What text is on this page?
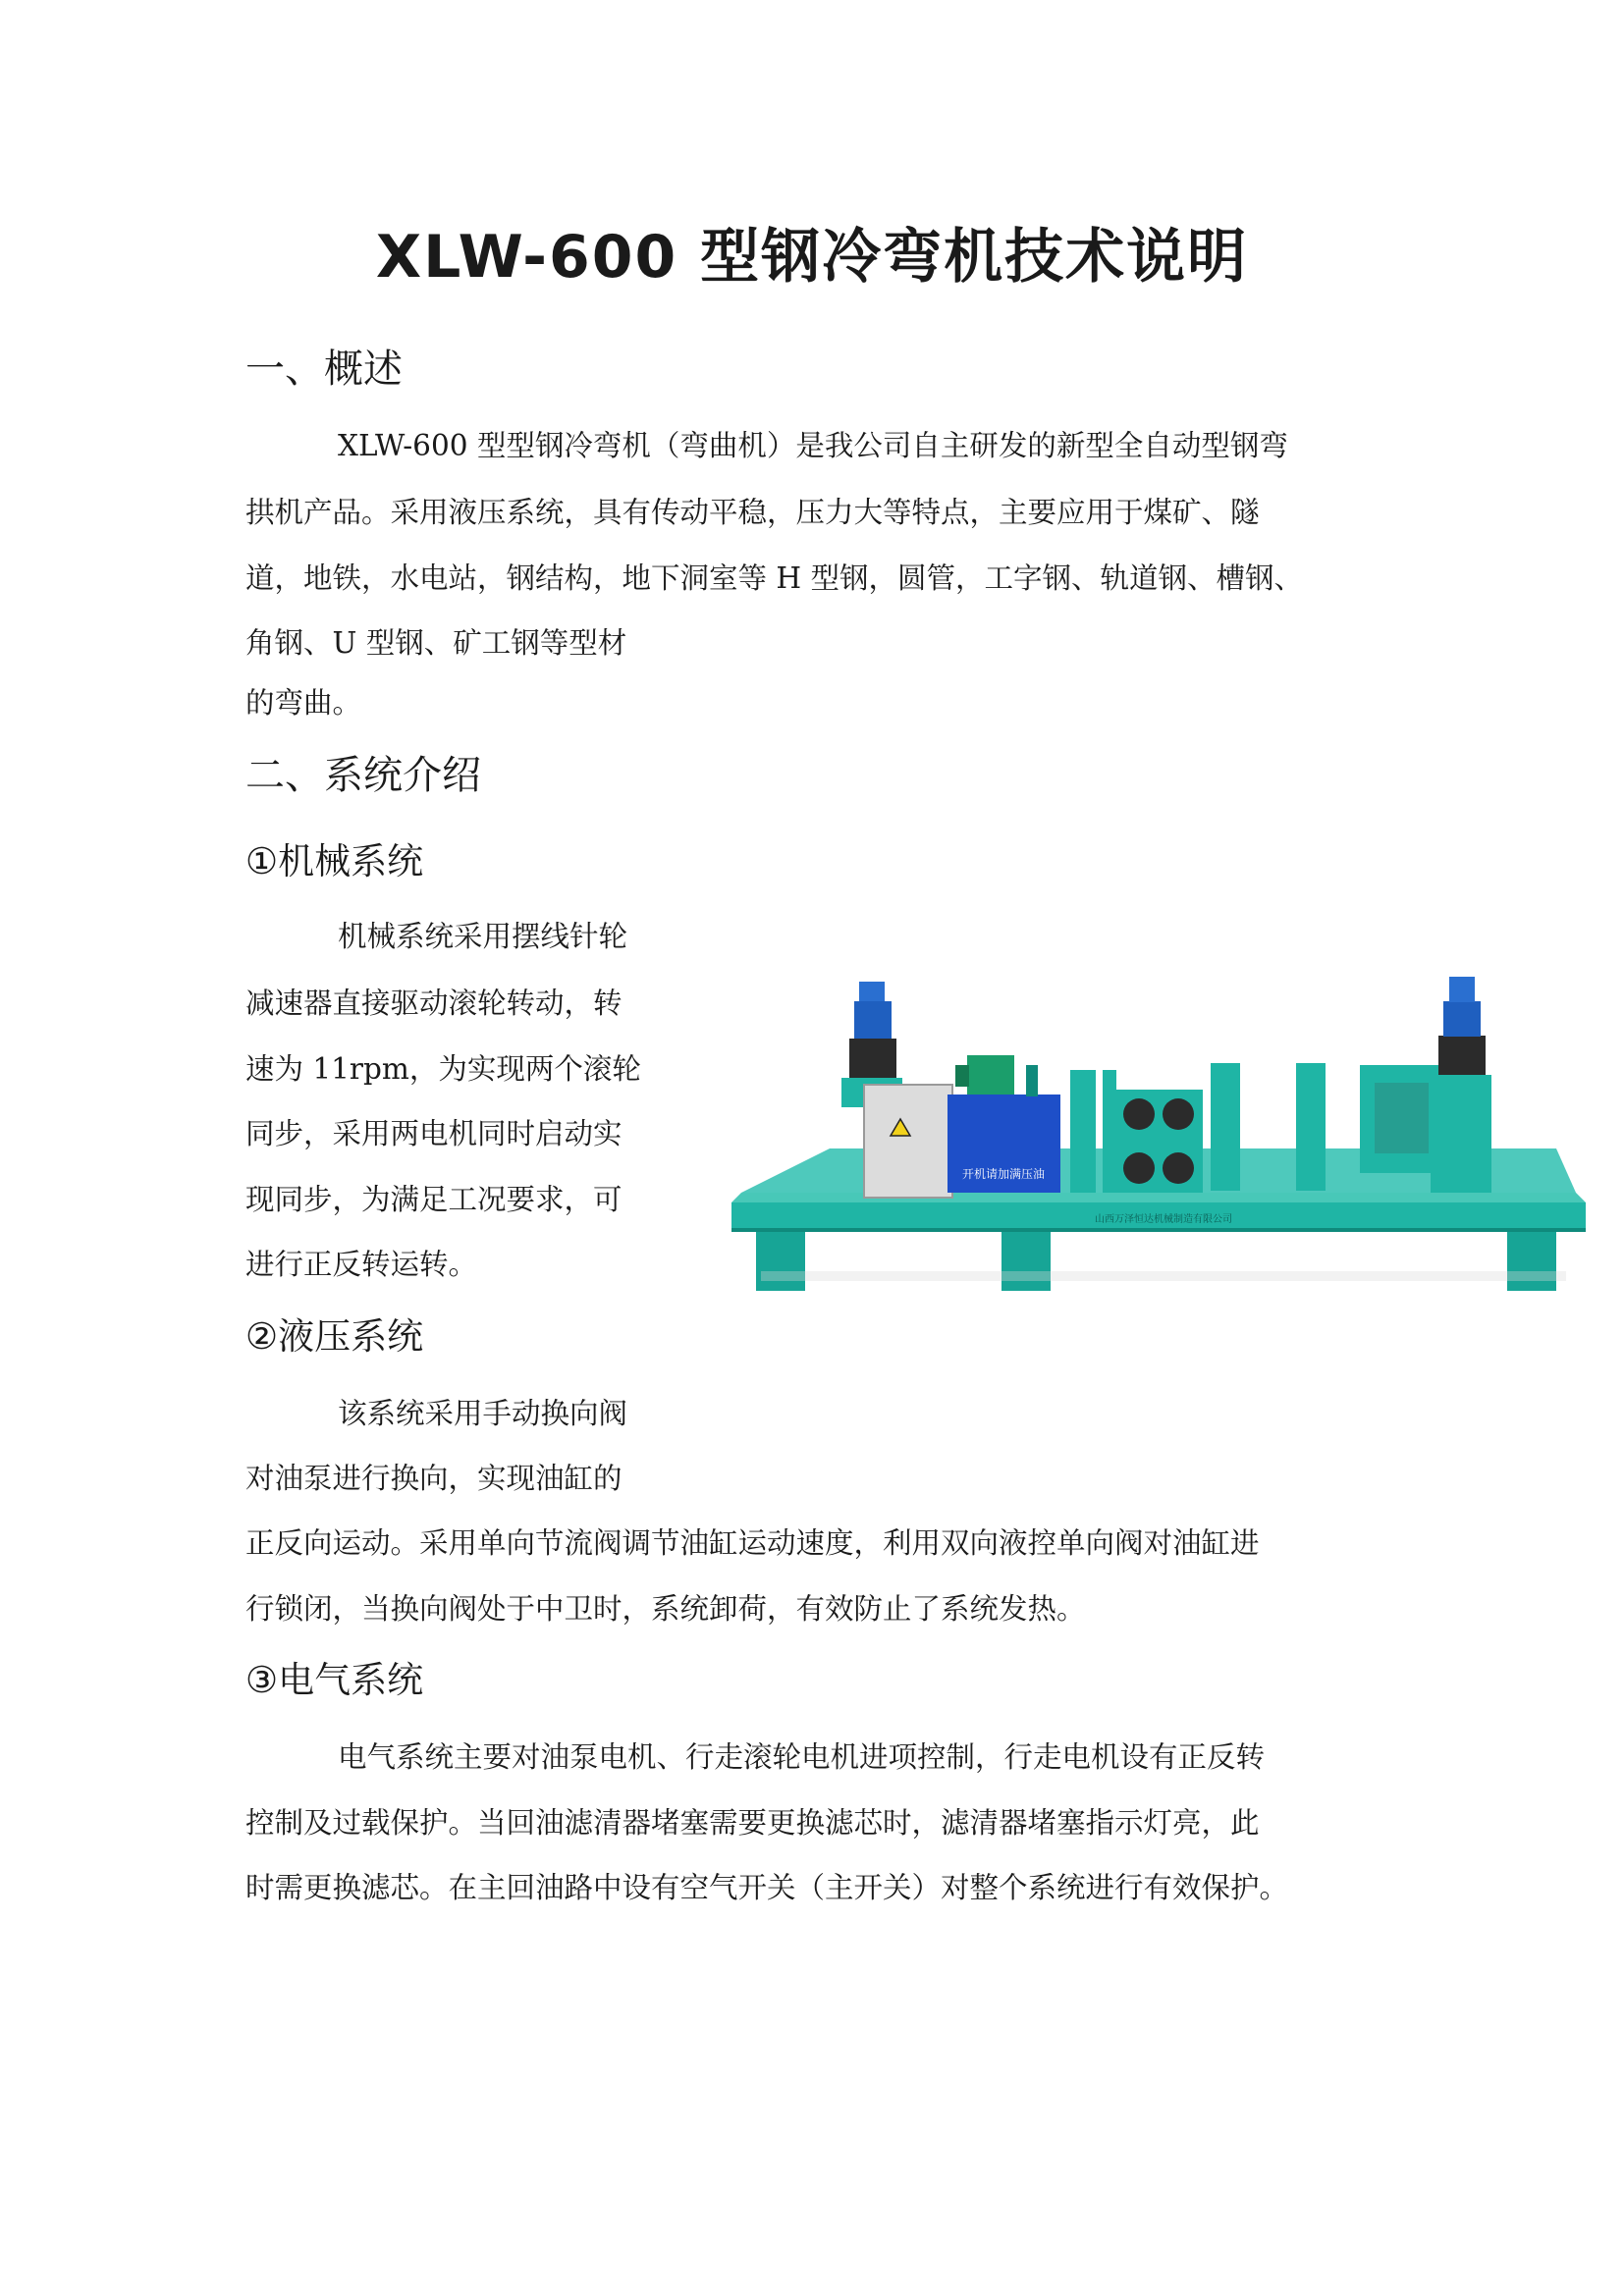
XLW-600 型钢冷弯机技术说明
一、概述
XLW-600 型型钢冷弯机（弯曲机）是我公司自主研发的新型全自动型钢弯
拱机产品。采用液压系统，具有传动平稳，压力大等特点，主要应用于煤矿、隧
道，地铁，水电站，钢结构，地下洞室等 H 型钢，圆管，工字钢、轨道钢、槽钢、
角钢、U 型钢、矿工钢等型材
的弯曲。
二、系统介绍
①机械系统
机械系统采用摆线针轮
减速器直接驱动滚轮转动，转
速为 11rpm，为实现两个滚轮
同步，采用两电机同时启动实
现同步，为满足工况要求，可
进行正反转运转。
②液压系统
该系统采用手动换向阀
对油泵进行换向，实现油缸的
正反向运动。采用单向节流阀调节油缸运动速度，利用双向液控单向阀对油缸进
行锁闭，当换向阀处于中卫时，系统卸荷，有效防止了系统发热。
③电气系统
电气系统主要对油泵电机、行走滚轮电机进项控制，行走电机设有正反转
控制及过载保护。当回油滤清器堵塞需要更换滤芯时，滤清器堵塞指示灯亮，此
时需更换滤芯。在主回油路中设有空气开关（主开关）对整个系统进行有效保护。
山西万泽恒达机械制造有限公司
开机请加满压油
